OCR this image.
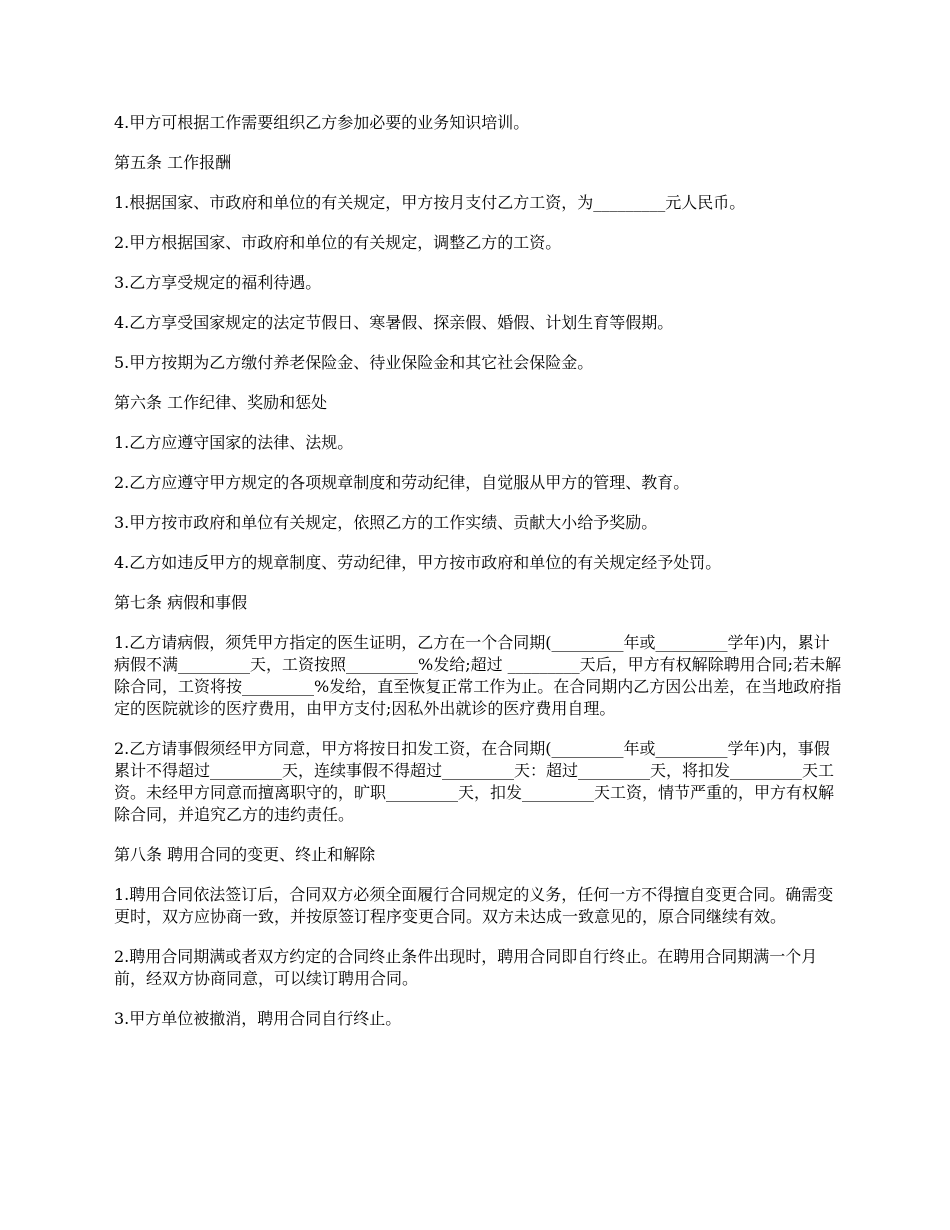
4.甲方可根据工作需要组织乙方参加必要的业务知识培训。

第五条 工作报酬

1.根据国家、市政府和单位的有关规定，甲方按月支付乙方工资，为_________元人民币。

2.甲方根据国家、市政府和单位的有关规定，调整乙方的工资。

3.乙方享受规定的福利待遇。

4.乙方享受国家规定的法定节假日、寒暑假、探亲假、婚假、计划生育等假期。

5.甲方按期为乙方缴付养老保险金、待业保险金和其它社会保险金。

第六条 工作纪律、奖励和惩处

1.乙方应遵守国家的法律、法规。

2.乙方应遵守甲方规定的各项规章制度和劳动纪律，自觉服从甲方的管理、教育。

3.甲方按市政府和单位有关规定，依照乙方的工作实绩、贡献大小给予奖励。

4.乙方如违反甲方的规章制度、劳动纪律，甲方按市政府和单位的有关规定经予处罚。

第七条 病假和事假

1.乙方请病假，须凭甲方指定的医生证明，乙方在一个合同期(_________年或_________学年)内，累计病假不满_________天，工资按照_________%发给;超过 _________天后，甲方有权解除聘用合同;若未解除合同，工资将按_________%发给，直至恢复正常工作为止。在合同期内乙方因公出差，在当地政府指定的医院就诊的医疗费用，由甲方支付;因私外出就诊的医疗费用自理。

2.乙方请事假须经甲方同意，甲方将按日扣发工资，在合同期(_________年或_________学年)内，事假累计不得超过_________天，连续事假不得超过_________天：超过_________天，将扣发_________天工资。未经甲方同意而擅离职守的，旷职_________天，扣发_________天工资，情节严重的，甲方有权解除合同，并追究乙方的违约责任。

第八条 聘用合同的变更、终止和解除

1.聘用合同依法签订后，合同双方必须全面履行合同规定的义务，任何一方不得擅自变更合同。确需变更时，双方应协商一致，并按原签订程序变更合同。双方未达成一致意见的，原合同继续有效。

2.聘用合同期满或者双方约定的合同终止条件出现时，聘用合同即自行终止。在聘用合同期满一个月前，经双方协商同意，可以续订聘用合同。

3.甲方单位被撤消，聘用合同自行终止。
